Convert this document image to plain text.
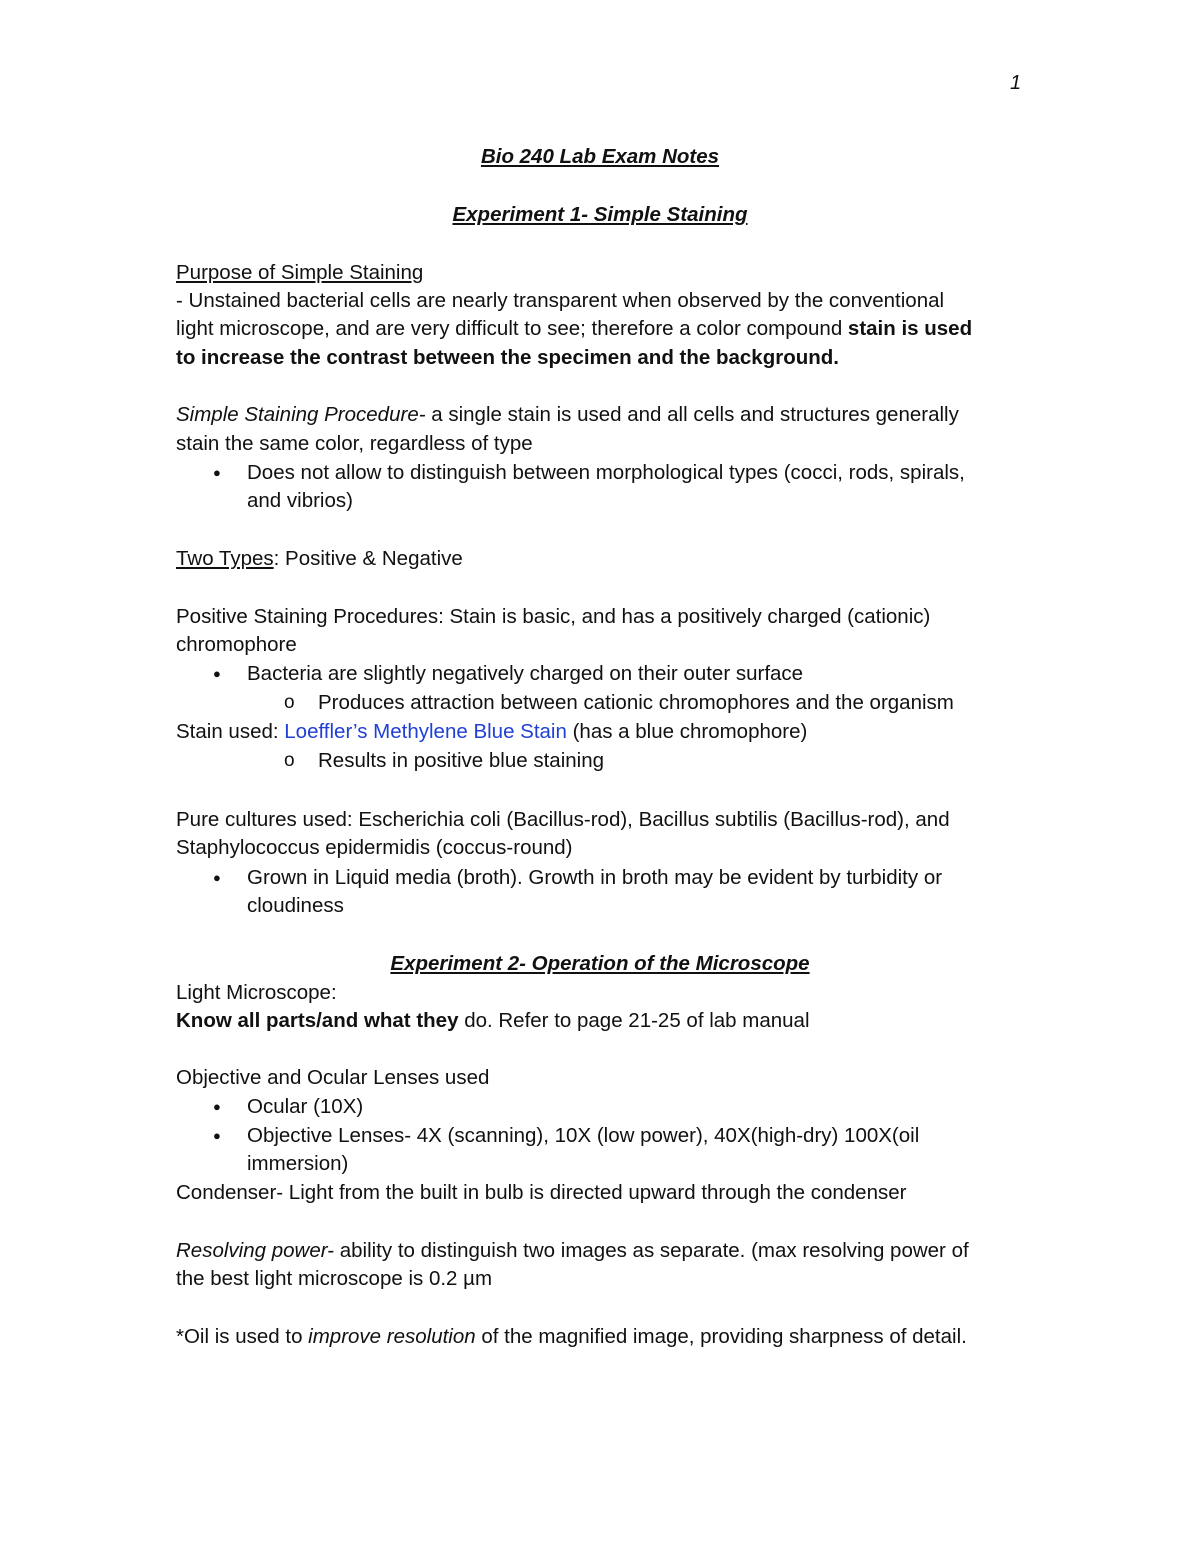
1
Bio 240 Lab Exam Notes
Experiment 1- Simple Staining
Purpose of Simple Staining
- Unstained bacterial cells are nearly transparent when observed by the conventional
light microscope, and are very difficult to see; therefore a color compound stain is used
to increase the contrast between the specimen and the background.
Simple Staining Procedure- a single stain is used and all cells and structures generally
stain the same color, regardless of type
● Does not allow to distinguish between morphological types (cocci, rods, spirals,
and vibrios)
Two Types: Positive & Negative
Positive Staining Procedures: Stain is basic, and has a positively charged (cationic)
chromophore
● Bacteria are slightly negatively charged on their outer surface
o Produces attraction between cationic chromophores and the organism
Stain used: Loeffler’s Methylene Blue Stain (has a blue chromophore)
o Results in positive blue staining
Pure cultures used: Escherichia coli (Bacillus-rod), Bacillus subtilis (Bacillus-rod), and
Staphylococcus epidermidis (coccus-round)
● Grown in Liquid media (broth). Growth in broth may be evident by turbidity or
cloudiness
Experiment 2- Operation of the Microscope
Light Microscope:
Know all parts/and what they do. Refer to page 21-25 of lab manual
Objective and Ocular Lenses used
● Ocular (10X)
● Objective Lenses- 4X (scanning), 10X (low power), 40X(high-dry) 100X(oil
immersion)
Condenser- Light from the built in bulb is directed upward through the condenser
Resolving power- ability to distinguish two images as separate. (max resolving power of
the best light microscope is 0.2 µm
*Oil is used to improve resolution of the magnified image, providing sharpness of detail.
